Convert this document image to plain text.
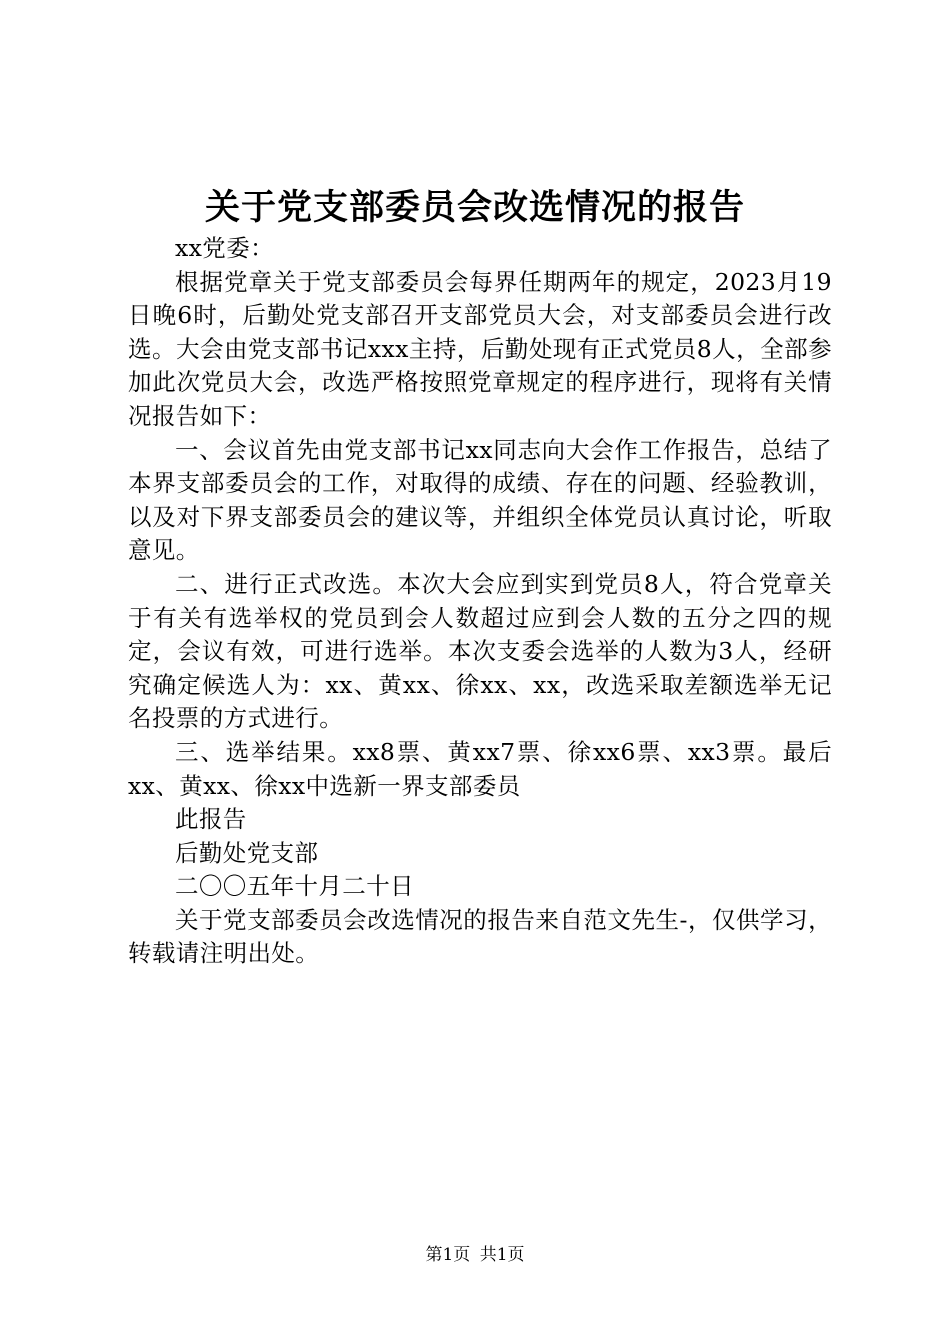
关于党支部委员会改选情况的报告

xx党委：

根据党章关于党支部委员会每界任期两年的规定，2023月19日晚6时，后勤处党支部召开支部党员大会，对支部委员会进行改选。大会由党支部书记xxx主持，后勤处现有正式党员8人，全部参加此次党员大会，改选严格按照党章规定的程序进行，现将有关情况报告如下：

一、会议首先由党支部书记xx同志向大会作工作报告，总结了本界支部委员会的工作，对取得的成绩、存在的问题、经验教训，以及对下界支部委员会的建议等，并组织全体党员认真讨论，听取意见。

二、进行正式改选。本次大会应到实到党员8人，符合党章关于有关有选举权的党员到会人数超过应到会人数的五分之四的规定，会议有效，可进行选举。本次支委会选举的人数为3人，经研究确定候选人为：xx、黄xx、徐xx、xx，改选采取差额选举无记名投票的方式进行。

三、选举结果。xx8票、黄xx7票、徐xx6票、xx3票。最后xx、黄xx、徐xx中选新一界支部委员

此报告

后勤处党支部

二〇〇五年十月二十日

关于党支部委员会改选情况的报告来自范文先生-，仅供学习，转载请注明出处。

第1页 共1页
